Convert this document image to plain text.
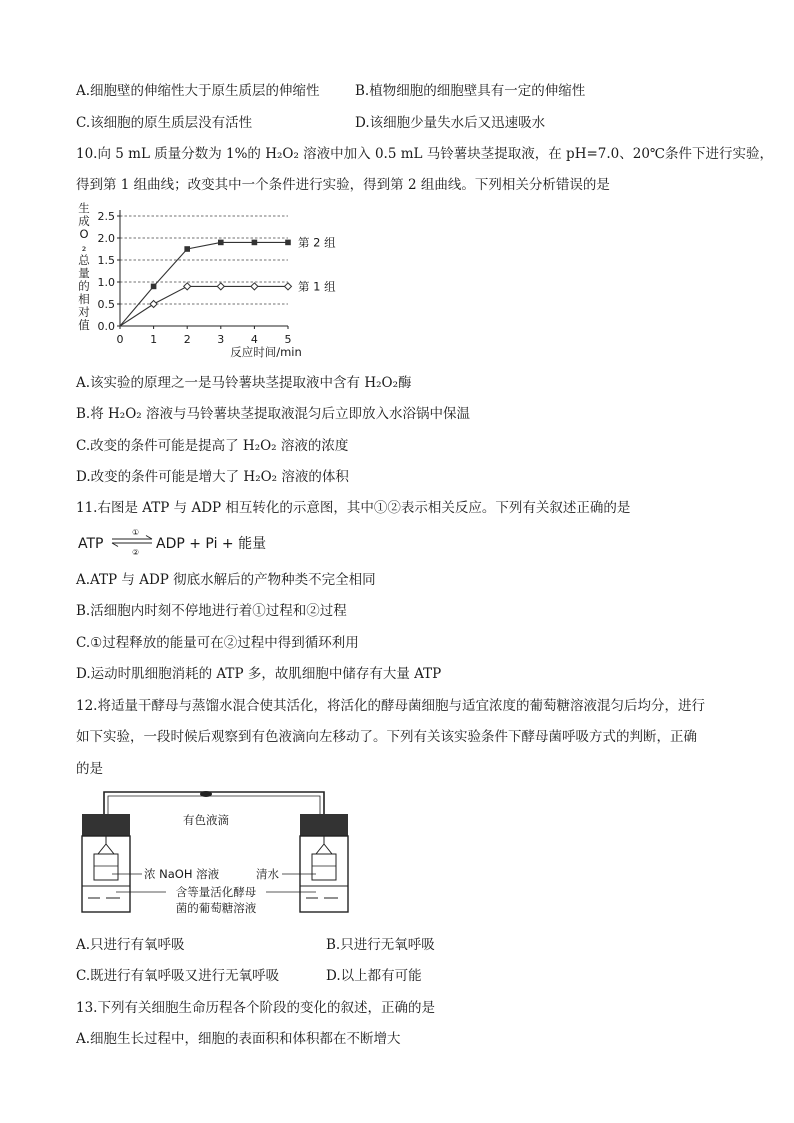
A.细胞壁的伸缩性大于原生质层的伸缩性	B.植物细胞的细胞壁具有一定的伸缩性
C.该细胞的原生质层没有活性	D.该细胞少量失水后又迅速吸水
10.向 5 mL 质量分数为 1%的 H₂O₂ 溶液中加入 0.5 mL 马铃薯块茎提取液，在 pH=7.0、20℃条件下进行实验，
得到第 1 组曲线；改变其中一个条件进行实验，得到第 2 组曲线。下列相关分析错误的是
生成 O ₂ 总量的相对值 0.0
0.5
1.0
1.5
2.0
2.5
0 1 2 3 4 5
反应时间/min
第 2 组
第 1 组
A.该实验的原理之一是马铃薯块茎提取液中含有 H₂O₂酶
B.将 H₂O₂ 溶液与马铃薯块茎提取液混匀后立即放入水浴锅中保温
C.改变的条件可能是提高了 H₂O₂ 溶液的浓度
D.改变的条件可能是增大了 H₂O₂ 溶液的体积
11.右图是 ATP 与 ADP 相互转化的示意图，其中①②表示相关反应。下列有关叙述正确的是
ATP
①
②
ADP + Pi + 能量
A.ATP 与 ADP 彻底水解后的产物种类不完全相同
B.活细胞内时刻不停地进行着①过程和②过程
C.①过程释放的能量可在②过程中得到循环利用
D.运动时肌细胞消耗的 ATP 多，故肌细胞中储存有大量 ATP
12.将适量干酵母与蒸馏水混合使其活化，将活化的酵母菌细胞与适宜浓度的葡萄糖溶液混匀后均分，进行
如下实验，一段时候后观察到有色液滴向左移动了。下列有关该实验条件下酵母菌呼吸方式的判断，正确
的是
有色液滴
浓 NaOH 溶液	清水
含等量活化酵母
菌的葡萄糖溶液
A.只进行有氧呼吸	B.只进行无氧呼吸
C.既进行有氧呼吸又进行无氧呼吸	D.以上都有可能
13.下列有关细胞生命历程各个阶段的变化的叙述，正确的是
A.细胞生长过程中，细胞的表面积和体积都在不断增大
